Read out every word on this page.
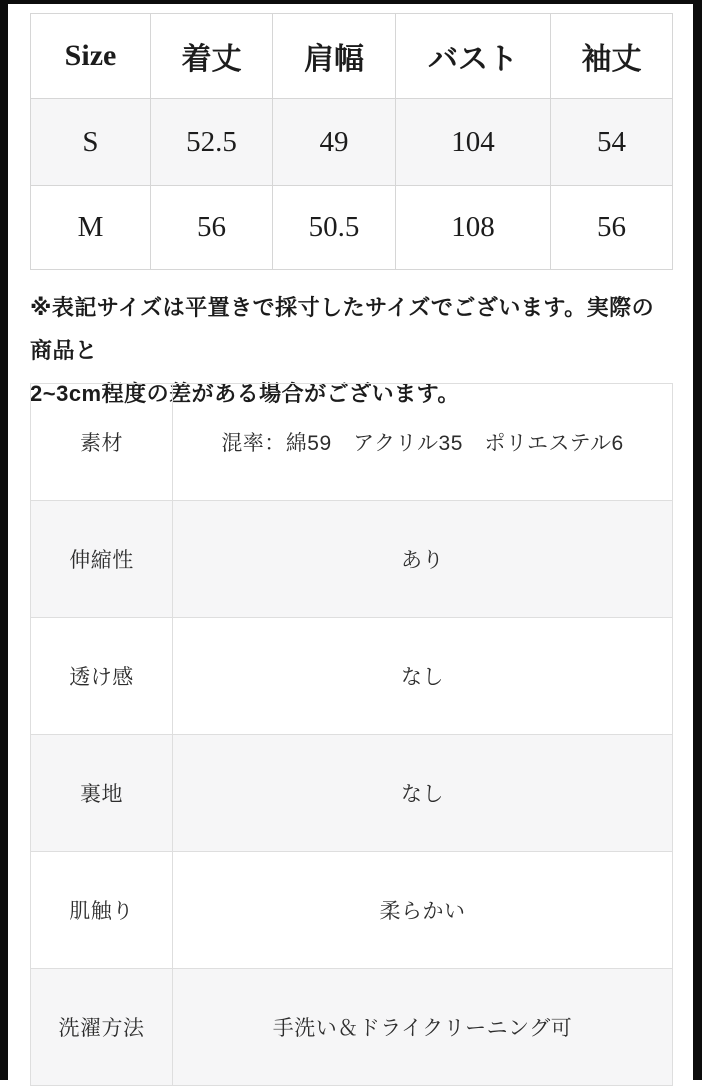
Size	着丈	肩幅	バスト	袖丈
S	52.5	49	104	54
M	56	50.5	108	56
※表記サイズは平置きで採寸したサイズでございます。実際の商品と
2~3cm程度の差がある場合がございます。
素材	混率：綿59　アクリル35　ポリエステル6
伸縮性	あり
透け感	なし
裏地	なし
肌触り	柔らかい
洗濯方法	手洗い＆ドライクリーニング可
